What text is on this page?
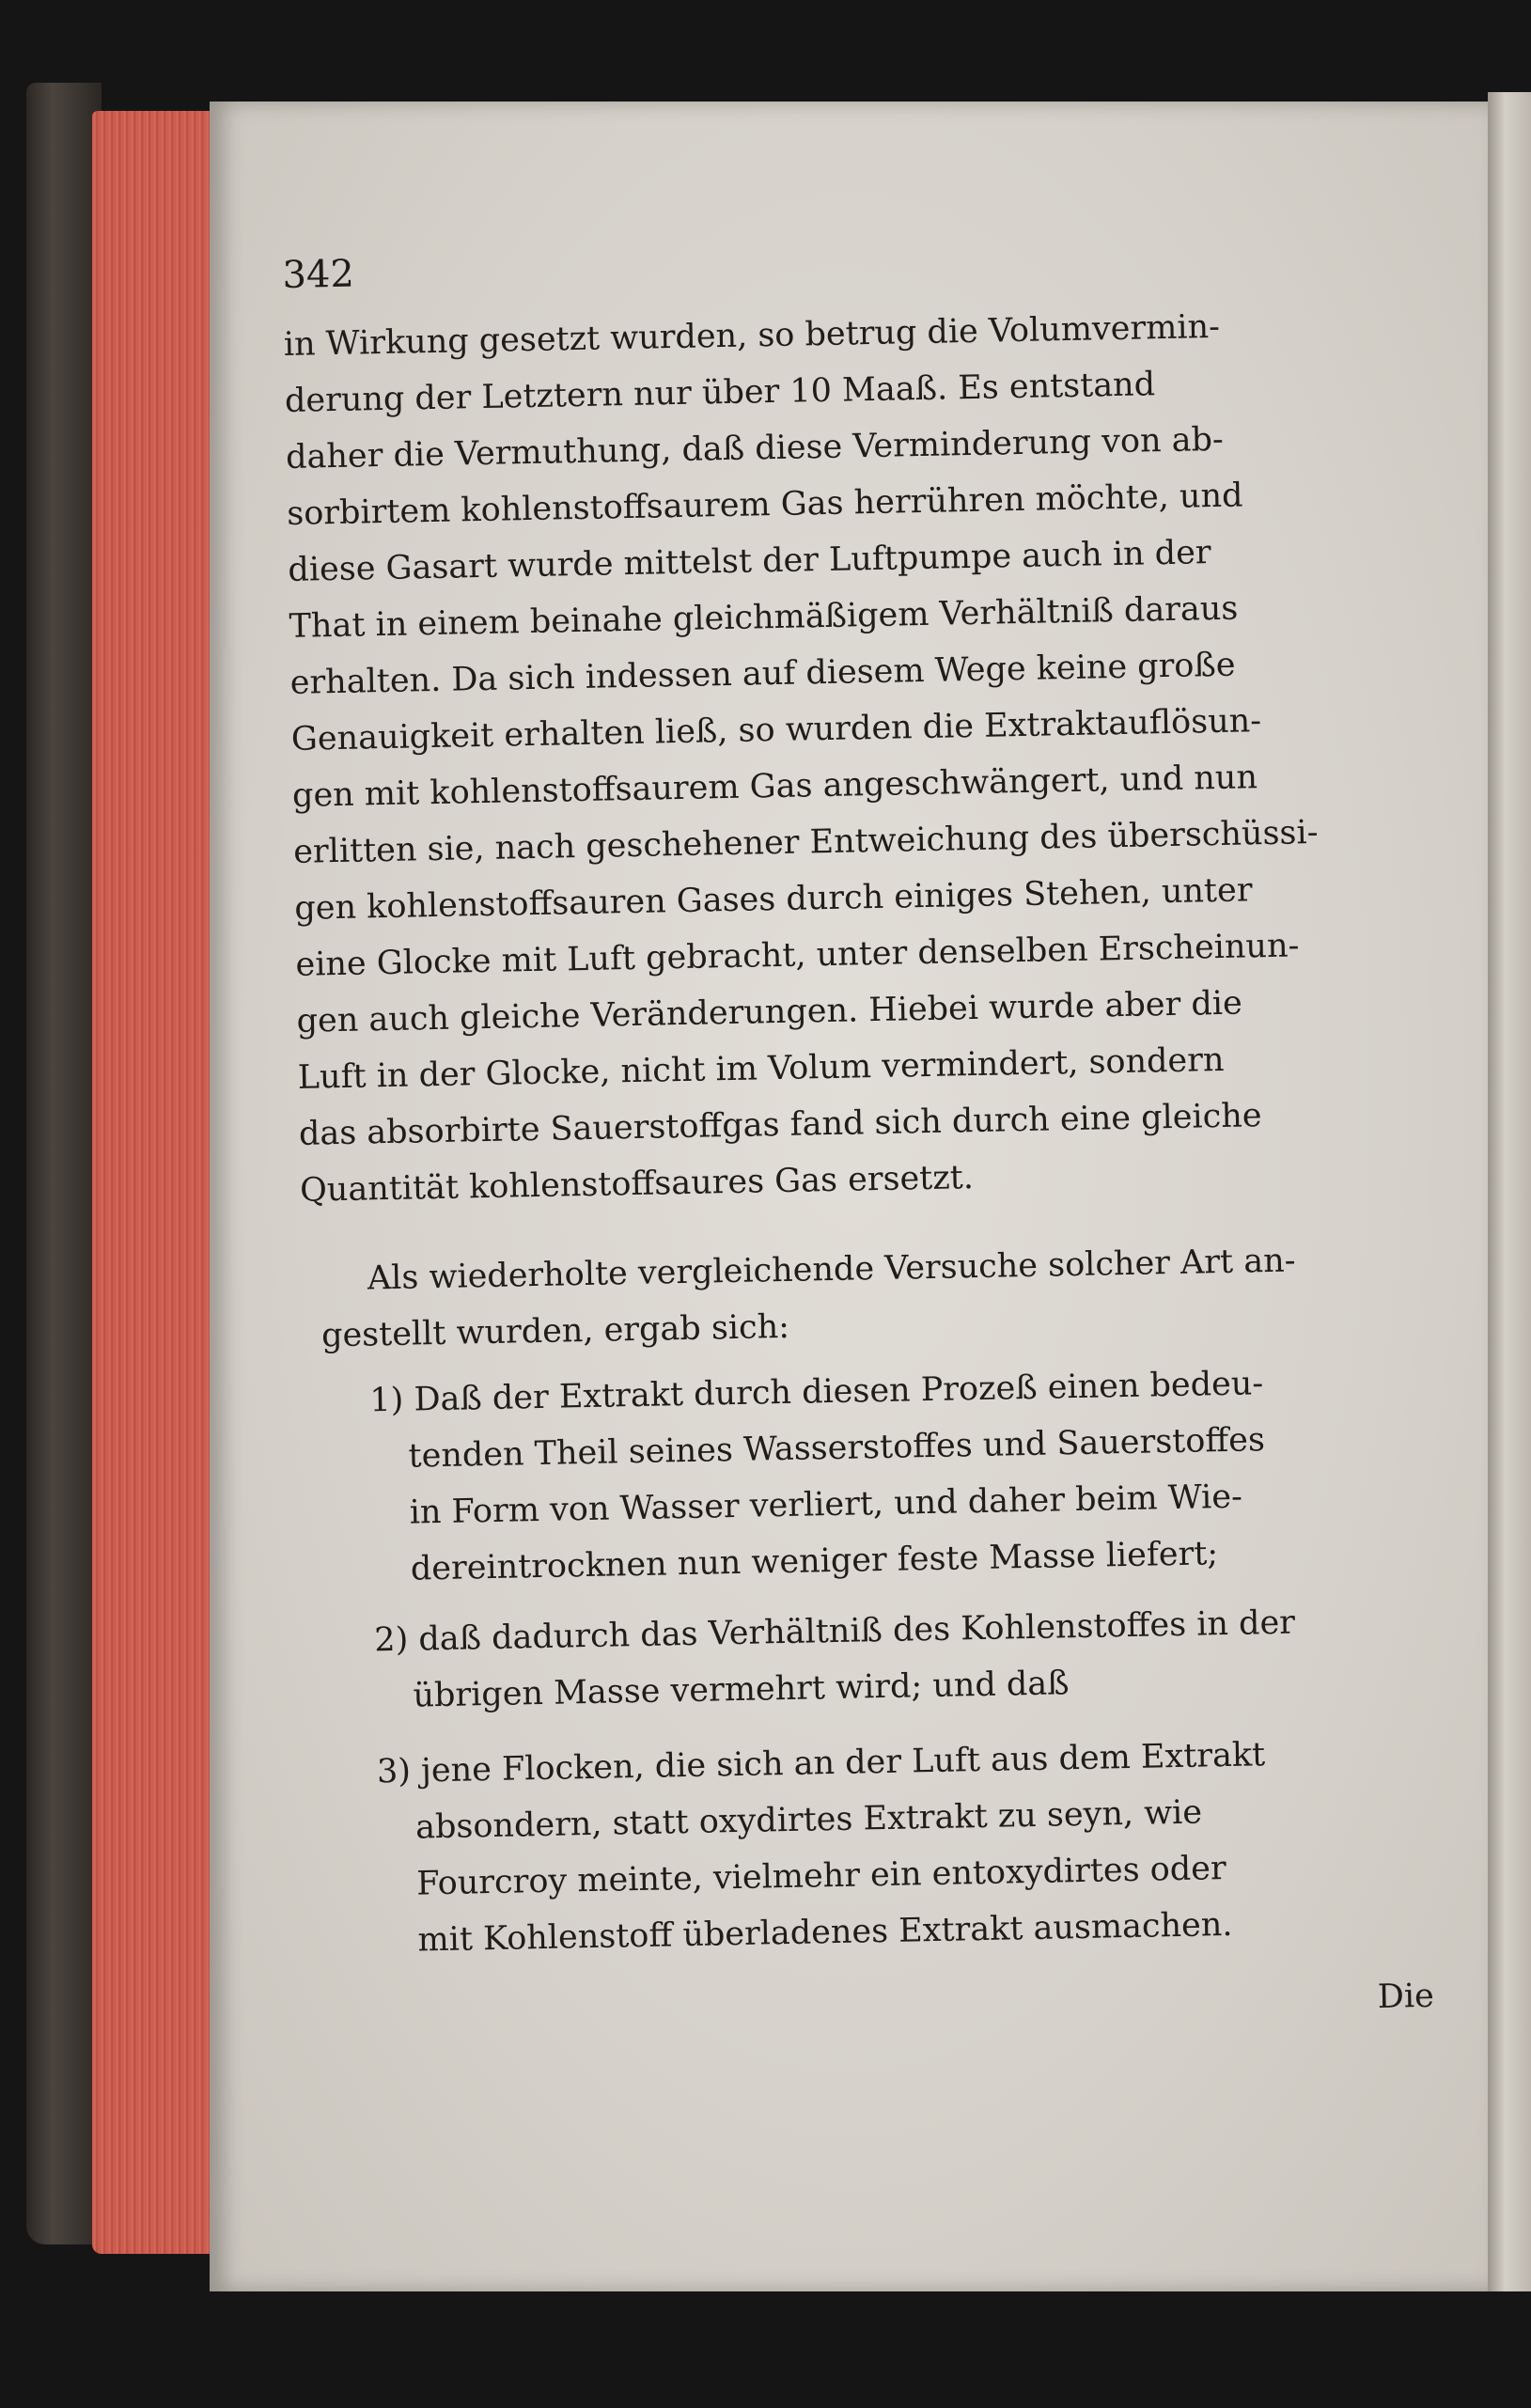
342
in Wirkung gesetzt wurden, so betrug die Volumvermin-
derung der Letztern nur über 10 Maaß. Es entstand
daher die Vermuthung, daß diese Verminderung von ab-
sorbirtem kohlenstoffsaurem Gas herrühren möchte, und
diese Gasart wurde mittelst der Luftpumpe auch in der
That in einem beinahe gleichmäßigem Verhältniß daraus
erhalten. Da sich indessen auf diesem Wege keine große
Genauigkeit erhalten ließ, so wurden die Extraktauflösun-
gen mit kohlenstoffsaurem Gas angeschwängert, und nun
erlitten sie, nach geschehener Entweichung des überschüssi-
gen kohlenstoffsauren Gases durch einiges Stehen, unter
eine Glocke mit Luft gebracht, unter denselben Erscheinun-
gen auch gleiche Veränderungen. Hiebei wurde aber die
Luft in der Glocke, nicht im Volum vermindert, sondern
das absorbirte Sauerstoffgas fand sich durch eine gleiche
Quantität kohlenstoffsaures Gas ersetzt.
Als wiederholte vergleichende Versuche solcher Art an-
gestellt wurden, ergab sich:
1) Daß der Extrakt durch diesen Prozeß einen bedeu-
tenden Theil seines Wasserstoffes und Sauerstoffes
in Form von Wasser verliert, und daher beim Wie-
dereintrocknen nun weniger feste Masse liefert;
2) daß dadurch das Verhältniß des Kohlenstoffes in der
übrigen Masse vermehrt wird; und daß
3) jene Flocken, die sich an der Luft aus dem Extrakt
absondern, statt oxydirtes Extrakt zu seyn, wie
Fourcroy meinte, vielmehr ein entoxydirtes oder
mit Kohlenstoff überladenes Extrakt ausmachen.
Die
